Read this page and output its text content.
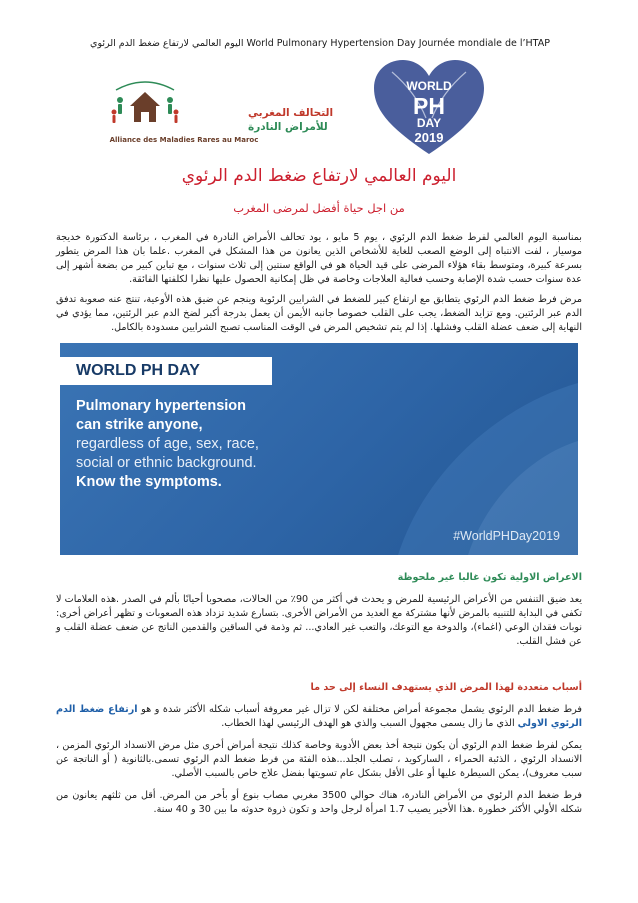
اليوم العالمي لارتفاع ضغط الدم الرئوي World Pulmonary Hypertension Day Journée mondiale de l’HTAP
التحالف المغربي
للأمراض النادرة
Alliance des Maladies Rares au Maroc
WORLD
PH
DAY
2019
اليوم العالمي لارتفاع ضغط الدم الرئوي
من اجل حياة أفضل لمرضى المغرب

بمناسبة اليوم العالمي لفرط ضغط الدم الرئوي ، يوم 5 مايو ، يود تحالف الأمراض النادرة في المغرب ، برئاسة الدكتورة خديجة موسيار ، لفت الانتباه إلى الوضع الصعب للغاية للأشخاص الذين يعانون من هذا المشكل في المغرب .علما بان هذا المرض يتطور بسرعة كبيرة، ومتوسط بقاء هؤلاء المرضى على قيد الحياة هو في الواقع سنتين إلى ثلاث سنوات ، مع تباين كبير من بضعة أشهر إلى عدة سنوات حسب شدة الإصابة وحسب فعالية العلاجات وخاصة في ظل إمكانية الحصول عليها نظرا لكلفتها الفائقة.

مرض فرط ضغط الدم الرئوي يتطابق مع ارتفاع كبير للضغط في الشرايين الرئوية وينجم عن ضيق هذه الأوعية، تنتج عنه صعوبة تدفق الدم عبر الرئتين. ومع تزايد الضغط، يجب على القلب خصوصا جانبه الأيمن أن يعمل بدرجة أكبر لضخ الدم عبر الرئتين، مما يؤدي في النهاية إلى ضعف عضلة القلب وفشلها. إذا لم يتم تشخيص المرض في الوقت المناسب تصبح الشرايين مسدودة بالكامل.

WORLD PH DAY
Pulmonary hypertension
can strike anyone,
regardless of age, sex, race,
social or ethnic background.
Know the symptoms.
#WorldPHDay2019

الاعراض الاولية تكون غالبا غير ملحوظة

يعد ضيق التنفس من الأعراض الرئيسية للمرض و يحدث في أكثر من 90٪ من الحالات، مصحوبا أحيانًا بألم في الصدر .هذه العلامات لا تكفي في البداية للتنبيه بالمرض لأنها مشتركة مع العديد من الأمراض الأخرى. بتسارع شديد تزداد هذه الصعوبات و تظهر أعراض أخرى: نوبات فقدان الوعي (اغماء)، والدوخة مع التوعك، والتعب غير العادي... ثم وذمة في الساقين والقدمين الناتج عن ضعف عضلة القلب و عن فشل القلب.

أسباب متعددة لهذا المرض الذي يستهدف النساء إلى حد ما

فرط ضغط الدم الرئوي يشمل مجموعة أمراض مختلفة لكن لا تزال غير معروفة أسباب شكله الأكثر شدة و هو ارتفاع ضغط الدم الرئوي الاولي الذي ما زال يسمى مجهول السبب والذي هو الهدف الرئيسي لهذا الخطاب.

يمكن لفرط ضغط الدم الرئوي أن يكون نتيجة أخذ بعض الأدوية وخاصة كذلك نتيجة أمراض أخرى مثل مرض الانسداد الرئوي المزمن ، الانسداد الرئوي ، الذئبة الحمراء ، الساركويد ، تصلب الجلد...هذه الفئة من فرط ضغط الدم الرئوي تسمى.بالثانوية ( أو الناتجة عن سبب معروف)، يمكن السيطرة عليها أو على الأقل بشكل عام تسويتها بفضل علاج خاص بالسبب الأصلي.

فرط ضغط الدم الرئوي من الأمراض النادرة، هناك حوالي 3500 مغربي مصاب بنوع أو بأخر من المرض. أقل من ثلثهم يعانون من شكله الأولي الأكثر خطورة .هذا الأخير يصيب 1.7 امرأة لرجل واحد و تكون ذروة حدوثه ما بين 30 و 40 سنة.
